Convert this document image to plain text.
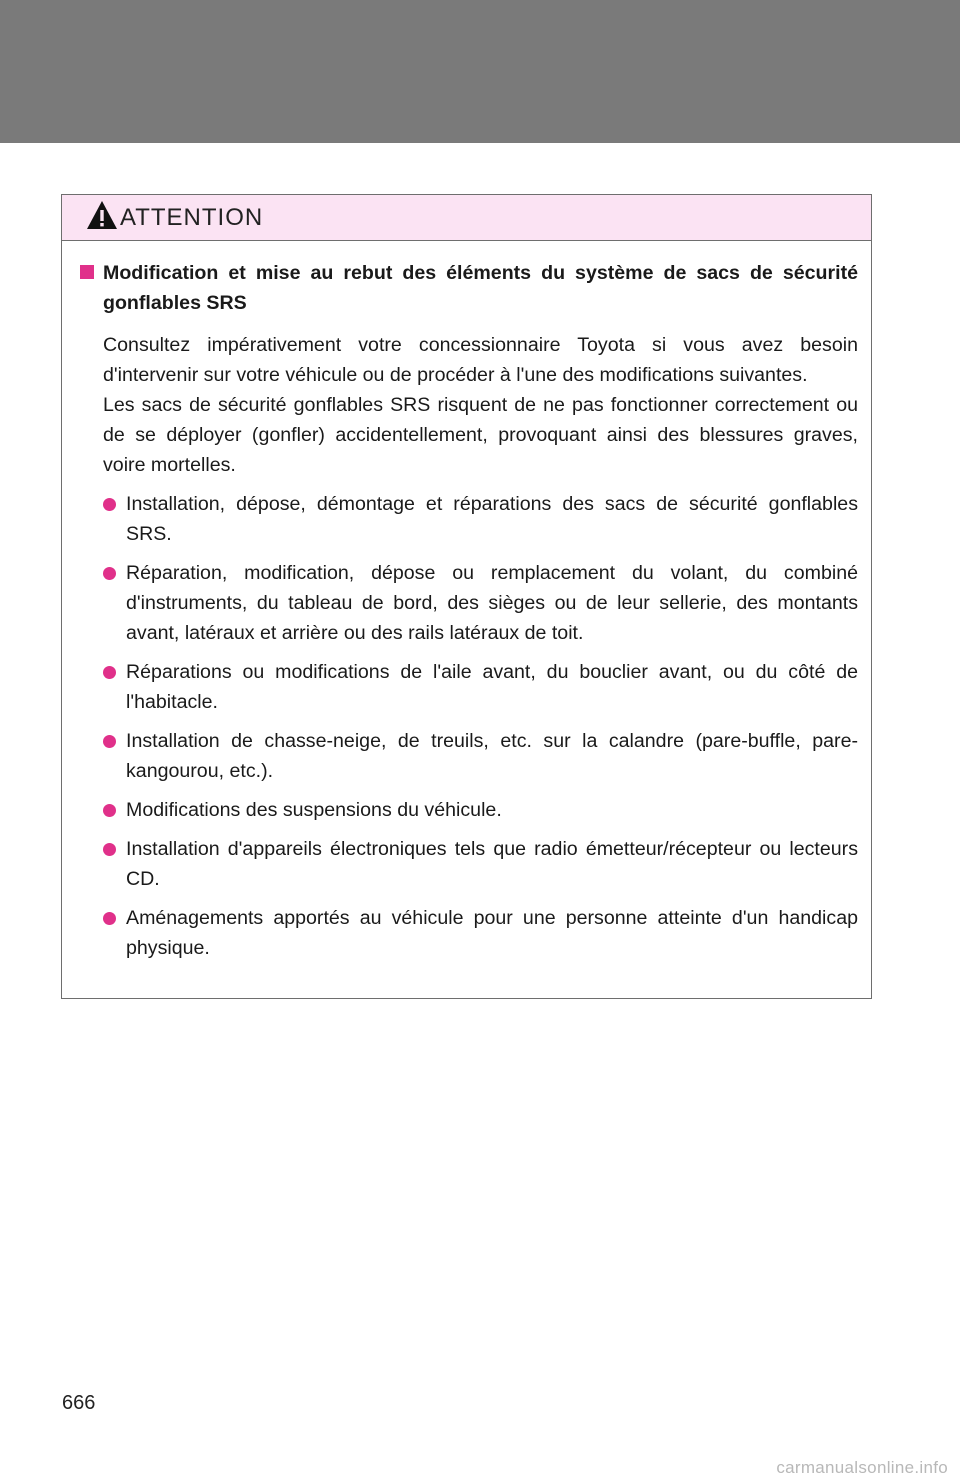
ATTENTION
Modification et mise au rebut des éléments du système de sacs de sécurité gonflables SRS
Consultez impérativement votre concessionnaire Toyota si vous avez besoin d'intervenir sur votre véhicule ou de procéder à l'une des modifications suivantes.
Les sacs de sécurité gonflables SRS risquent de ne pas fonctionner correctement ou de se déployer (gonfler) accidentellement, provoquant ainsi des blessures graves, voire mortelles.
Installation, dépose, démontage et réparations des sacs de sécurité gonflables SRS.
Réparation, modification, dépose ou remplacement du volant, du combiné d'instruments, du tableau de bord, des sièges ou de leur sellerie, des montants avant, latéraux et arrière ou des rails latéraux de toit.
Réparations ou modifications de l'aile avant, du bouclier avant, ou du côté de l'habitacle.
Installation de chasse-neige, de treuils, etc. sur la calandre (pare-buffle, pare-kangourou, etc.).
Modifications des suspensions du véhicule.
Installation d'appareils électroniques tels que radio émetteur/récepteur ou lecteurs CD.
Aménagements apportés au véhicule pour une personne atteinte d'un handicap physique.
666
carmanualsonline.info
